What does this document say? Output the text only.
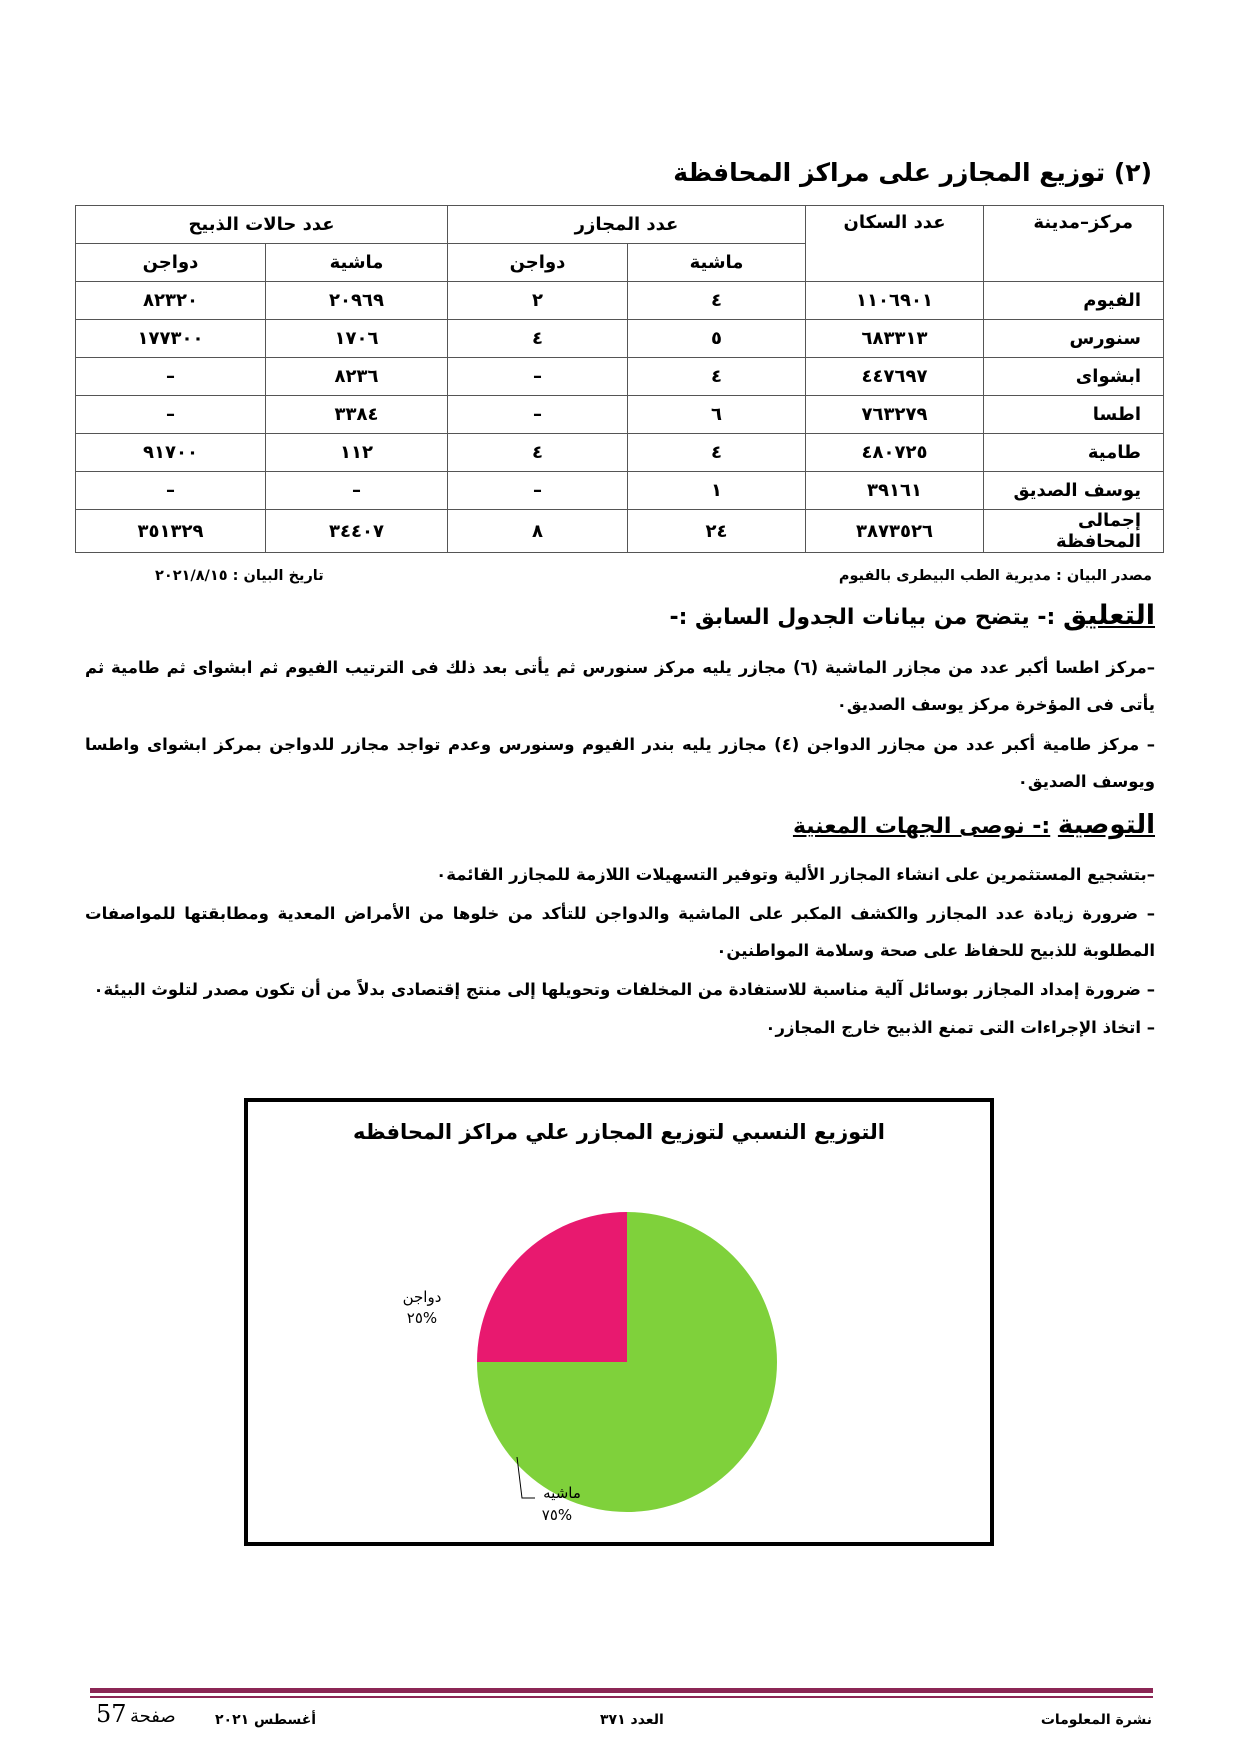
(٢) توزيع المجازر على مراكز المحافظة
مركز–مدينة	عدد السكان	عدد المجازر		عدد حالات الذبيح	
		ماشية	دواجن	ماشية	دواجن
الفيوم	١١٠٦٩٠١	٤	٢	٢٠٩٦٩	٨٢٣٢٠
سنورس	٦٨٣٣١٣	٥	٤	١٧٠٦	١٧٧٣٠٠
ابشواى	٤٤٧٦٩٧	٤	–	٨٢٣٦	–
اطسا	٧٦٣٢٧٩	٦	–	٣٣٨٤	–
طامية	٤٨٠٧٢٥	٤	٤	١١٢	٩١٧٠٠
يوسف الصديق	٣٩١٦١	١	–	–	–
إجمالى المحافظة	٣٨٧٣٥٢٦	٢٤	٨	٣٤٤٠٧	٣٥١٣٢٩
مصدر البيان : مديرية الطب البيطرى بالفيوم
تاريخ البيان : ٢٠٢١/٨/١٥
التعليق :- يتضح من بيانات الجدول السابق :-
–مركز اطسا أكبر عدد من مجازر الماشية (٦) مجازر يليه مركز سنورس ثم يأتى بعد ذلك فى الترتيب الفيوم ثم ابشواى ثم طامية ثم يأتى فى المؤخرة مركز يوسف الصديق٠
– مركز طامية أكبر عدد من مجازر الدواجن (٤) مجازر يليه بندر الفيوم وسنورس وعدم تواجد مجازر للدواجن بمركز ابشواى واطسا ويوسف الصديق٠
التوصية :- نوصى الجهات المعنية
–بتشجيع المستثمرين على انشاء المجازر الألية وتوفير التسهيلات اللازمة للمجازر القائمة٠
– ضرورة زيادة عدد المجازر والكشف المكبر على الماشية والدواجن للتأكد من خلوها من الأمراض المعدية ومطابقتها للمواصفات المطلوبة للذبيح للحفاظ على صحة وسلامة المواطنين٠
– ضرورة إمداد المجازر بوسائل آلية مناسبة للاستفادة من المخلفات وتحويلها إلى منتج إقتصادى بدلاً من أن تكون مصدر لتلوث البيئة٠
– اتخاذ الإجراءات التى تمنع الذبيح خارج المجازر٠
التوزيع النسبي لتوزيع المجازر علي مراكز المحافظه
ماشيه
%٧٥
دواجن
%٢٥
نشرة المعلومات
العدد ٣٧١
أغسطس ٢٠٢١
صفحة
57
